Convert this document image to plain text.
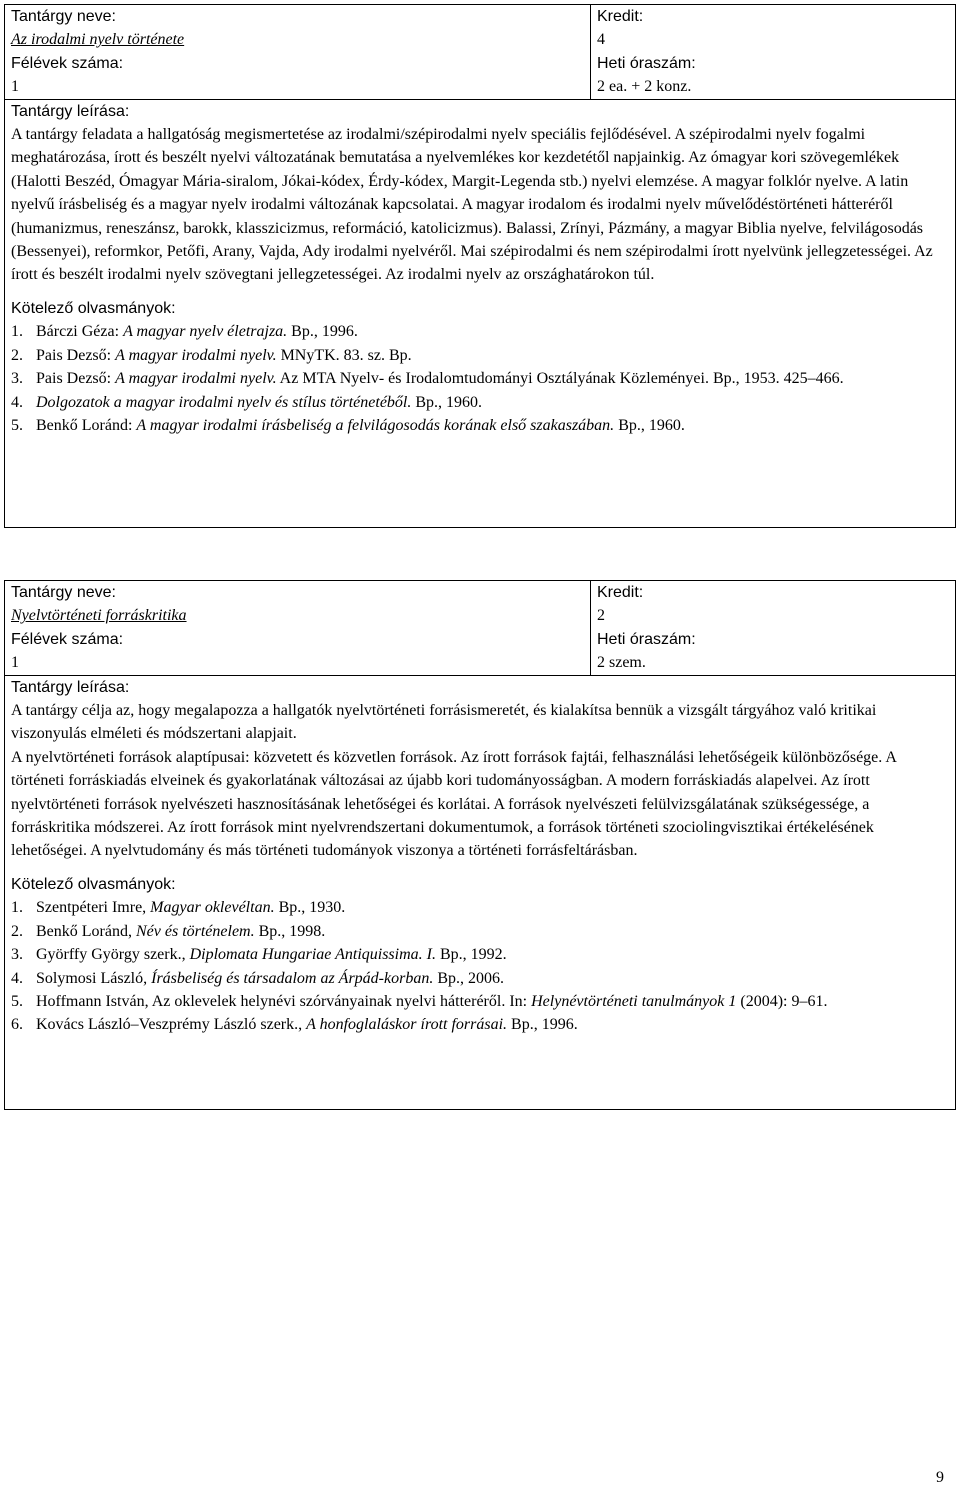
Tantárgy neve:
Az irodalmi nyelv története
Félévek száma:
1
Kredit:
4
Heti óraszám:
2 ea. + 2 konz.
Tantárgy leírása:

A tantárgy feladata a hallgatóság megismertetése az irodalmi/szépirodalmi nyelv speciális fejlődésével. A szépirodalmi nyelv fogalmi meghatározása, írott és beszélt nyelvi változatának bemutatása a nyelvemlékes kor kezdetétől napjainkig. Az ómagyar kori szövegemlékek (Halotti Beszéd, Ómagyar Mária-siralom, Jókai-kódex, Érdy-kódex, Margit-Legenda stb.) nyelvi elemzése. A magyar folklór nyelve. A latin nyelvű írásbeliség és a magyar nyelv irodalmi változának kapcsolatai. A magyar irodalom és irodalmi nyelv művelődéstörténeti hátteréről (humanizmus, reneszánsz, barokk, klasszicizmus, reformáció, katolicizmus). Balassi, Zrínyi, Pázmány, a magyar Biblia nyelve, felvilágosodás (Bessenyei), reformkor, Petőfi, Arany, Vajda, Ady irodalmi nyelvéről. Mai szépirodalmi és nem szépirodalmi írott nyelvünk jellegzetességei. Az írott és beszélt irodalmi nyelv szövegtani jellegzetességei. Az irodalmi nyelv az országhatárokon túl.

Kötelező olvasmányok:
1. Bárczi Géza: A magyar nyelv életrajza. Bp., 1996.
2. Pais Dezső: A magyar irodalmi nyelv. MNyTK. 83. sz. Bp.
3. Pais Dezső: A magyar irodalmi nyelv. Az MTA Nyelv- és Irodalomtudományi Osztályának Közleményei. Bp., 1953. 425–466.
4. Dolgozatok a magyar irodalmi nyelv és stílus történetéből. Bp., 1960.
5. Benkő Loránd: A magyar irodalmi írásbeliség a felvilágosodás korának első szakaszában. Bp., 1960.
Tantárgy neve:
Nyelvtörténeti forráskritika
Félévek száma:
1
Kredit:
2
Heti óraszám:
2 szem.
Tantárgy leírása:

A tantárgy célja az, hogy megalapozza a hallgatók nyelvtörténeti forrásismeretét, és kialakítsa bennük a vizsgált tárgyához való kritikai viszonyulás elméleti és módszertani alapjait.

A nyelvtörténeti források alaptípusai: közvetett és közvetlen források. Az írott források fajtái, felhasználási lehetőségeik különbözősége. A történeti forráskiadás elveinek és gyakorlatának változásai az újabb kori tudományosságban. A modern forráskiadás alapelvei. Az írott nyelvtörténeti források nyelvészeti hasznosításának lehetőségei és korlátai. A források nyelvészeti felülvizsgálatának szükségessége, a forráskritika módszerei. Az írott források mint nyelvrendszertani dokumentumok, a források történeti szociolingvisztikai értékelésének lehetőségei. A nyelvtudomány és más történeti tudományok viszonya a történeti forrásfeltárásban.

Kötelező olvasmányok:
1. Szentpéteri Imre, Magyar oklevéltan. Bp., 1930.
2. Benkő Loránd, Név és történelem. Bp., 1998.
3. Györffy György szerk., Diplomata Hungariae Antiquissima. I. Bp., 1992.
4. Solymosi László, Írásbeliség és társadalom az Árpád-korban. Bp., 2006.
5. Hoffmann István, Az oklevelek helynévi szórványainak nyelvi hátteréről. In: Helynévtörténeti tanulmányok 1 (2004): 9–61.
6. Kovács László–Veszprémy László szerk., A honfoglaláskor írott forrásai. Bp., 1996.
9
